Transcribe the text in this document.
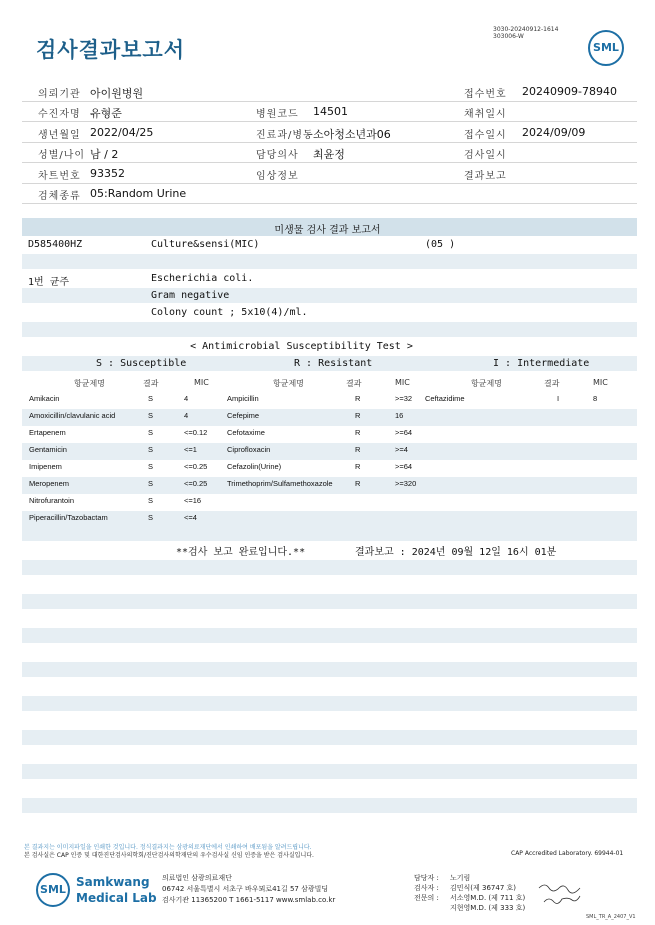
검사결과보고서
3030-20240912-1614
303006-W
SML
의뢰기관 아이원병원	접수번호 20240909-78940
수진자명 유형준	병원코드 14501	채취일시
생년월일 2022/04/25	진료과/병동 소아청소년과06	접수일시 2024/09/09
성별/나이 남 / 2	담당의사 최윤정	검사일시
차트번호 93352	임상정보	결과보고
검체종류 05:Random Urine
미생물 검사 결과 보고서
D585400HZ	Culture&sensi(MIC)	(05 )
1번 균주	Escherichia coli.
Gram negative
Colony count ; 5x10(4)/ml.
< Antimicrobial Susceptibility Test >
S : Susceptible	R : Resistant	I : Intermediate
항균제명	결과	MIC
Amikacin	S	4
Amoxicillin/clavulanic acid	S	4
Ertapenem	S	<=0.12
Gentamicin	S	<=1
Imipenem	S	<=0.25
Meropenem	S	<=0.25
Nitrofurantoin	S	<=16
Piperacillin/Tazobactam	S	<=4
항균제명	결과	MIC
Ampicillin	R	>=32
Cefepime	R	16
Cefotaxime	R	>=64
Ciprofloxacin	R	>=4
Cefazolin(Urine)	R	>=64
Trimethoprim/Sulfamethoxazole	R	>=320
항균제명	결과	MIC
Ceftazidime	I	8
**검사 보고 완료입니다.**	결과보고 : 2024년 09월 12일 16시 01분
본 결과지는 이미지파일을 인쇄한 것입니다. 정식결과지는 삼광의료재단에서 인쇄하여 배포됨을 알려드립니다.
본 검사실은 CAP 인증 및 대한진단검사의학회/진단검사의학재단의 우수검사실 신임 인증을 받은 검사실입니다.	CAP Accredited Laboratory. 69944-01
SML
Samkwang
Medical Lab
의료법인 삼광의료재단
06742 서울특별시 서초구 바우뫼로41길 57 삼광빌딩
검사기관 11365200 T 1661-5117 www.smlab.co.kr
담당자 : 노기림
검사자 : 김민식(제 36747 호)
전문의 : 서소영M.D. (제 711 호)
지현영M.D. (제 333 호)
SML_TR_A_2407_V1
